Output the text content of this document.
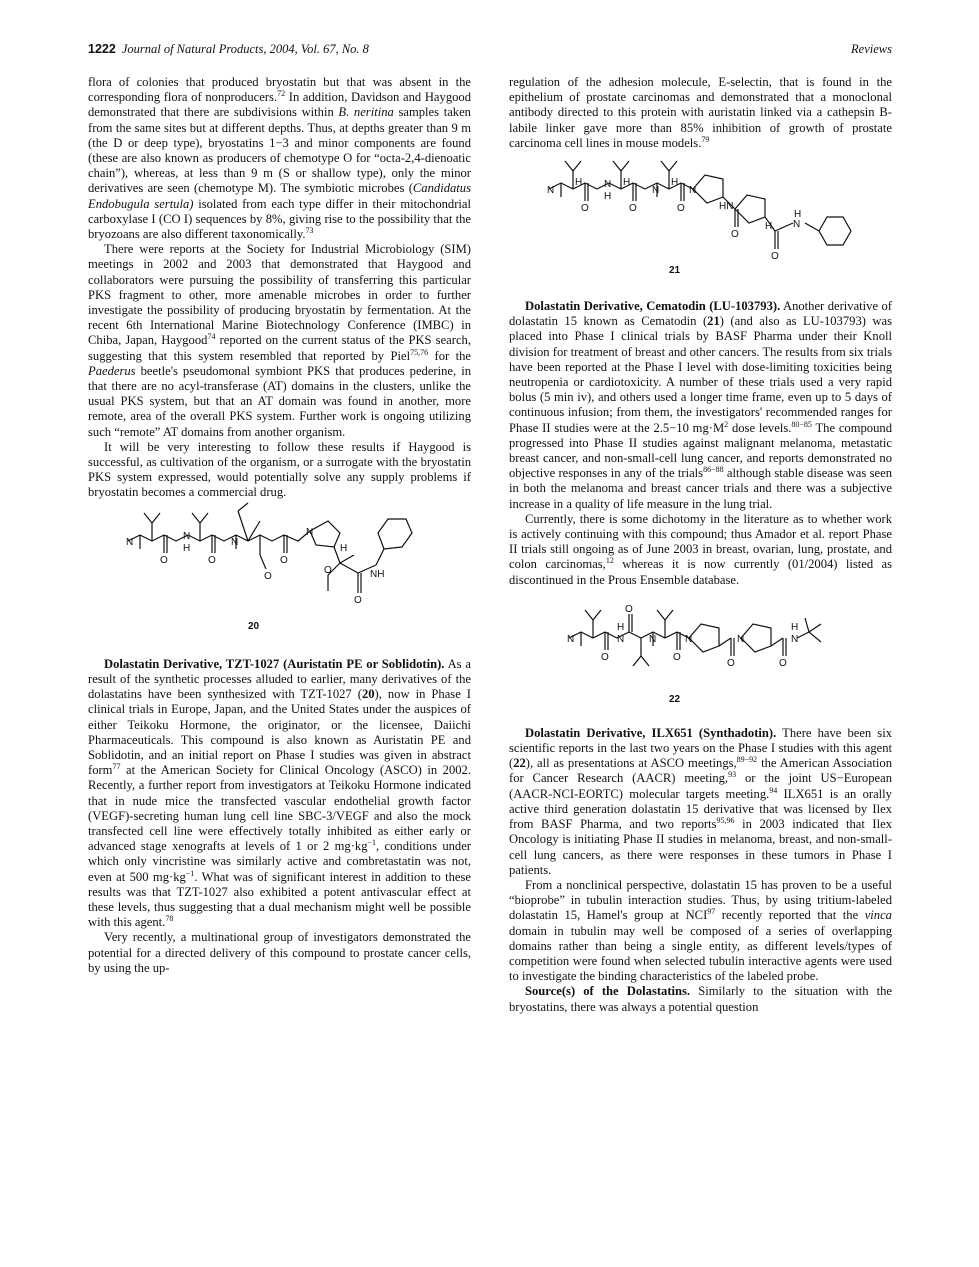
1222 Journal of Natural Products, 2004, Vol. 67, No. 8	Reviews

flora of colonies that produced bryostatin but that was absent in the corresponding flora of nonproducers.$^{72}$ In addition, Davidson and Haygood demonstrated that there are subdivisions within B. neritina samples taken from the same sites but at different depths. Thus, at depths greater than 9 m (the D or deep type), bryostatins 1−3 and minor components are found (these are also known as producers of chemotype O for “octa-2,4-dienoatic chain”), whereas, at less than 9 m (S or shallow type), only the minor derivatives are seen (chemotype M). The symbiotic microbes (Candidatus Endobugula sertula) isolated from each type differ in their mitochondrial carboxylase I (CO I) sequences by 8%, giving rise to the possibility that the bryozoans are also different taxonomically.$^{73}$

There were reports at the Society for Industrial Microbiology (SIM) meetings in 2002 and 2003 that demonstrated that Haygood and collaborators were pursuing the possibility of transferring this particular PKS fragment to other, more amenable microbes in order to further investigate the possibility of producing bryostatin by fermentation. At the recent 6th International Marine Biotechnology Conference (IMBC) in Chiba, Japan, Haygood$^{74}$ reported on the current status of the PKS search, suggesting that this system resembled that reported by Piel$^{75,76}$ for the Paederus beetle's pseudomonal symbiont PKS that produces pederine, in that there are no acyl-transferase (AT) domains in the clusters, unlike the usual PKS system, but that an AT domain was found in another, more remote, area of the overall PKS system. Further work is ongoing utilizing such “remote” AT domains from another organism.

It will be very interesting to follow these results if Haygood is successful, as cultivation of the organism, or a surrogate with the bryostatin PKS system expressed, would potentially solve any supply problems if bryostatin becomes a commercial drug.

N
N
H
O	O
N
O
O
N
H
O
O
NH
20

Dolastatin Derivative, TZT-1027 (Auristatin PE or Soblidotin). As a result of the synthetic processes alluded to earlier, many derivatives of the dolastatins have been synthesized with TZT-1027 (20), now in Phase I clinical trials in Europe, Japan, and the United States under the auspices of either Teikoku Hormone, the originator, or the licensee, Daiichi Pharmaceuticals. This compound is also known as Auristatin PE and Soblidotin, and an initial report on Phase I studies was given in abstract form$^{77}$ at the American Society for Clinical Oncology (ASCO) in 2002. Recently, a further report from investigators at Teikoku Hormone indicated that in nude mice the transfected vascular endothelial growth factor (VEGF)-secreting human lung cell line SBC-3/VEGF and also the mock transfected cell line were effectively totally inhibited as either early or advanced stage xenografts at levels of 1 or 2 $mg\cdot kg^{-1}$, conditions under which only vincristine was similarly active and combretastatin was not, even at 500 $mg\cdot kg^{-1}$. What was of significant interest in addition to these results was that TZT-1027 also exhibited a potent antivascular effect at these levels, thus suggesting that a dual mechanism might well be possible with this agent.$^{78}$

Very recently, a multinational group of investigators demonstrated the potential for a directed delivery of this compound to prostate cancer cells, by using the up-

regulation of the adhesion molecule, E-selectin, that is found in the epithelium of prostate carcinomas and demonstrated that a monoclonal antibody directed to this protein with auristatin linked via a cathepsin B-labile linker gave more than 85% inhibition of growth of prostate carcinoma cell lines in mouse models.$^{79}$

N
H N
H
H
O	O
N
H
O
N
HN
O
H
O
H
N
21

Dolastatin Derivative, Cematodin (LU-103793). Another derivative of dolastatin 15 known as Cematodin (21) (and also as LU-103793) was placed into Phase I clinical trials by BASF Pharma under their Knoll division for treatment of breast and other cancers. The results from six trials have been reported at the Phase I level with dose-limiting toxicities being neutropenia or cardiotoxicity. A number of these trials used a very rapid bolus (5 min iv), and others used a longer time frame, even up to 5 days of continuous infusion; from them, the investigators' recommended ranges for Phase II studies were at the 2.5−10 $mg\cdot M^2$ dose levels.$^{80-85}$ The compound progressed into Phase II studies against malignant melanoma, metastatic breast cancer, and non-small-cell lung cancer, and reports demonstrated no objective responses in any of the trials$^{86-88}$ although stable disease was seen in both the melanoma and breast cancer trials and there was a subjective increase in a quality of life measure in the lung trial.

Currently, there is some dichotomy in the literature as to whether work is actively continuing with this compound; thus Amador et al. report Phase II trials still ongoing as of June 2003 in breast, ovarian, lung, prostate, and colon carcinomas,$^{12}$ whereas it is now currently (01/2004) listed as discontinued in the Prous Ensemble database.

N
H
N
O
O
N
O
N
O
N
O
H
N
22

Dolastatin Derivative, ILX651 (Synthadotin). There have been six scientific reports in the last two years on the Phase I studies with this agent (22), all as presentations at ASCO meetings,$^{89-92}$ the American Association for Cancer Research (AACR) meeting,$^{93}$ or the joint US−European (AACR-NCI-EORTC) molecular targets meeting.$^{94}$ ILX651 is an orally active third generation dolastatin 15 derivative that was licensed by Ilex from BASF Pharma, and two reports$^{95,96}$ in 2003 indicated that Ilex Oncology is initiating Phase II studies in melanoma, breast, and non-small-cell lung cancers, as there were responses in these tumors in Phase I patients.

From a nonclinical perspective, dolastatin 15 has proven to be a useful “bioprobe” in tubulin interaction studies. Thus, by using tritium-labeled dolastatin 15, Hamel's group at NCI$^{97}$ recently reported that the vinca domain in tubulin may well be composed of a series of overlapping domains rather than being a single entity, as different levels/types of competition were found when selected tubulin interactive agents were used to investigate the binding characteristics of the labeled probe.

Source(s) of the Dolastatins. Similarly to the situation with the bryostatins, there was always a potential question
